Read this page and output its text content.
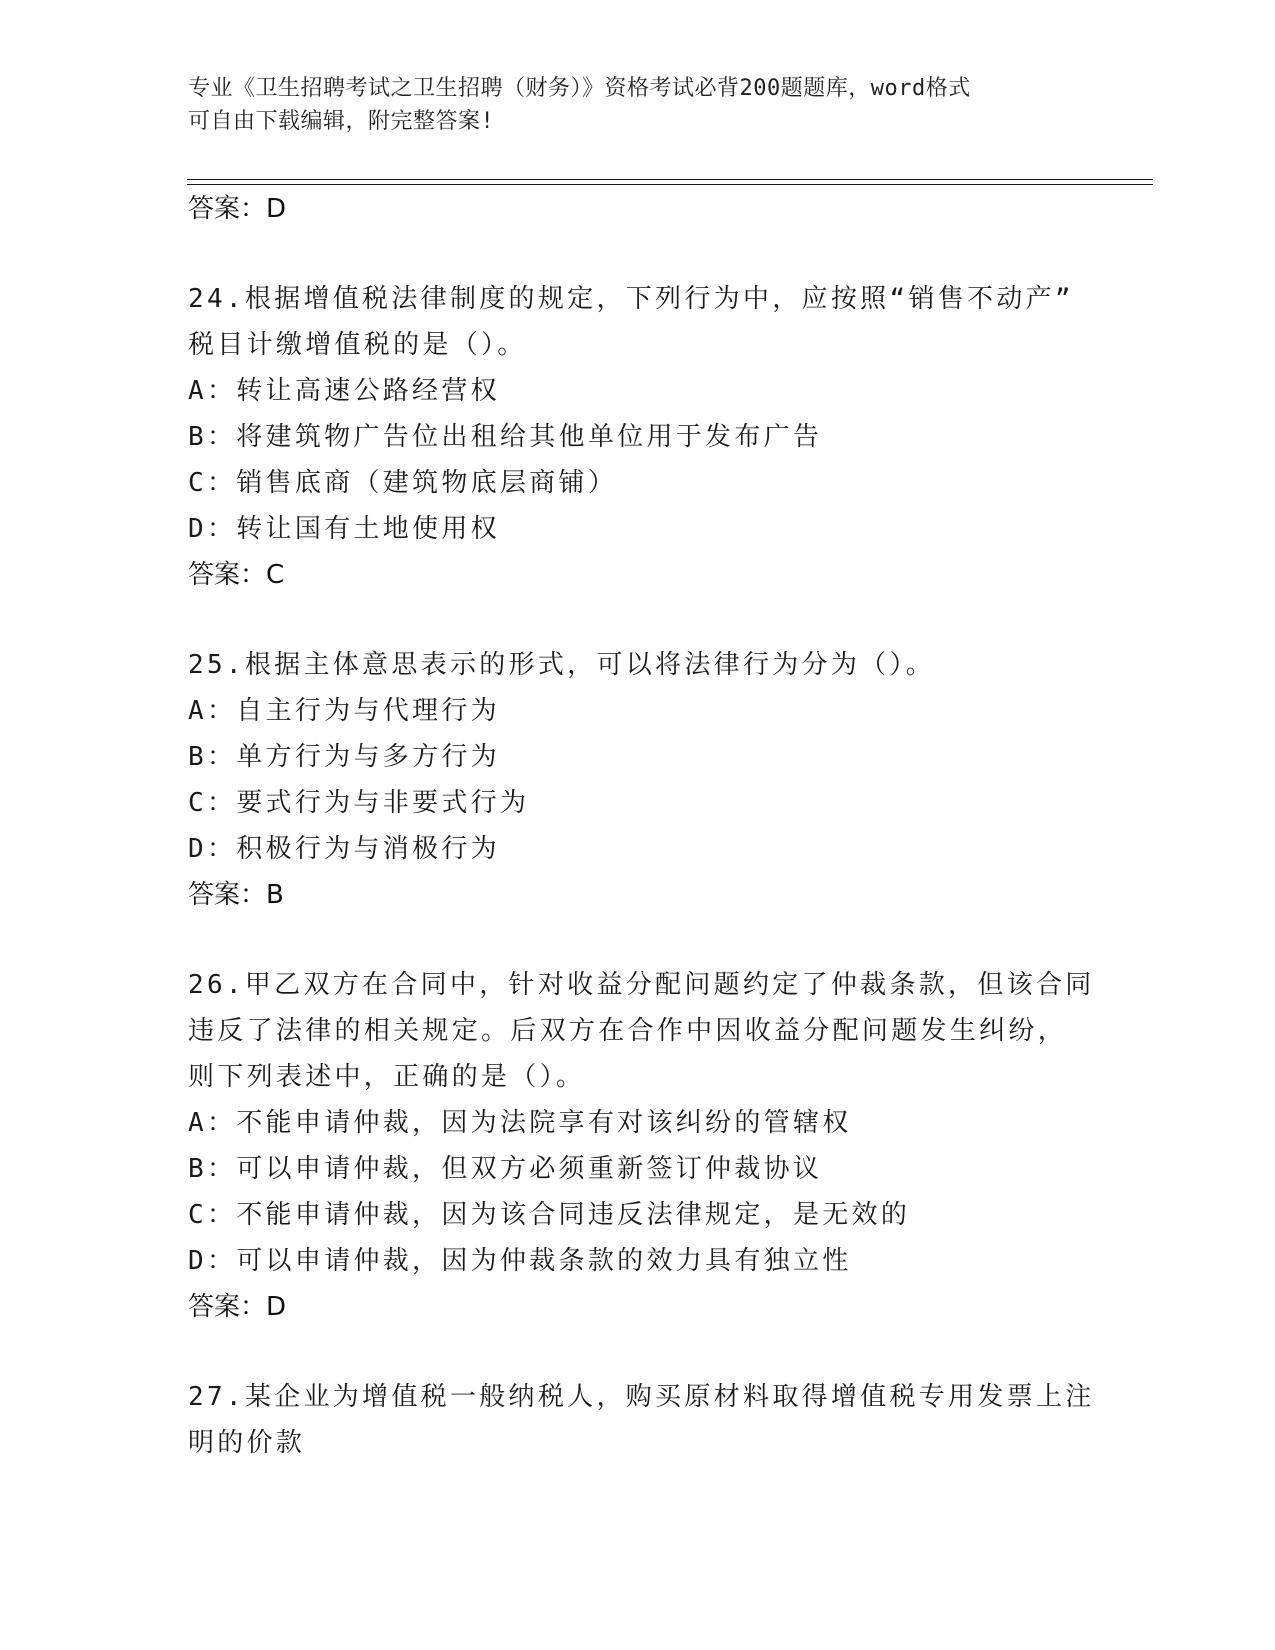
专业《卫生招聘考试之卫生招聘（财务）》资格考试必背200题题库，word格式
可自由下载编辑，附完整答案!
答案：D
24.根据增值税法律制度的规定，下列行为中，应按照“销售不动产”
税目计缴增值税的是（）。
A：转让高速公路经营权
B：将建筑物广告位出租给其他单位用于发布广告
C：销售底商（建筑物底层商铺）
D：转让国有土地使用权
答案：C
25.根据主体意思表示的形式，可以将法律行为分为（）。
A：自主行为与代理行为
B：单方行为与多方行为
C：要式行为与非要式行为
D：积极行为与消极行为
答案：B
26.甲乙双方在合同中，针对收益分配问题约定了仲裁条款，但该合同
违反了法律的相关规定。后双方在合作中因收益分配问题发生纠纷，
则下列表述中，正确的是（）。
A：不能申请仲裁，因为法院享有对该纠纷的管辖权
B：可以申请仲裁，但双方必须重新签订仲裁协议
C：不能申请仲裁，因为该合同违反法律规定，是无效的
D：可以申请仲裁，因为仲裁条款的效力具有独立性
答案：D
27.某企业为增值税一般纳税人，购买原材料取得增值税专用发票上注
明的价款
